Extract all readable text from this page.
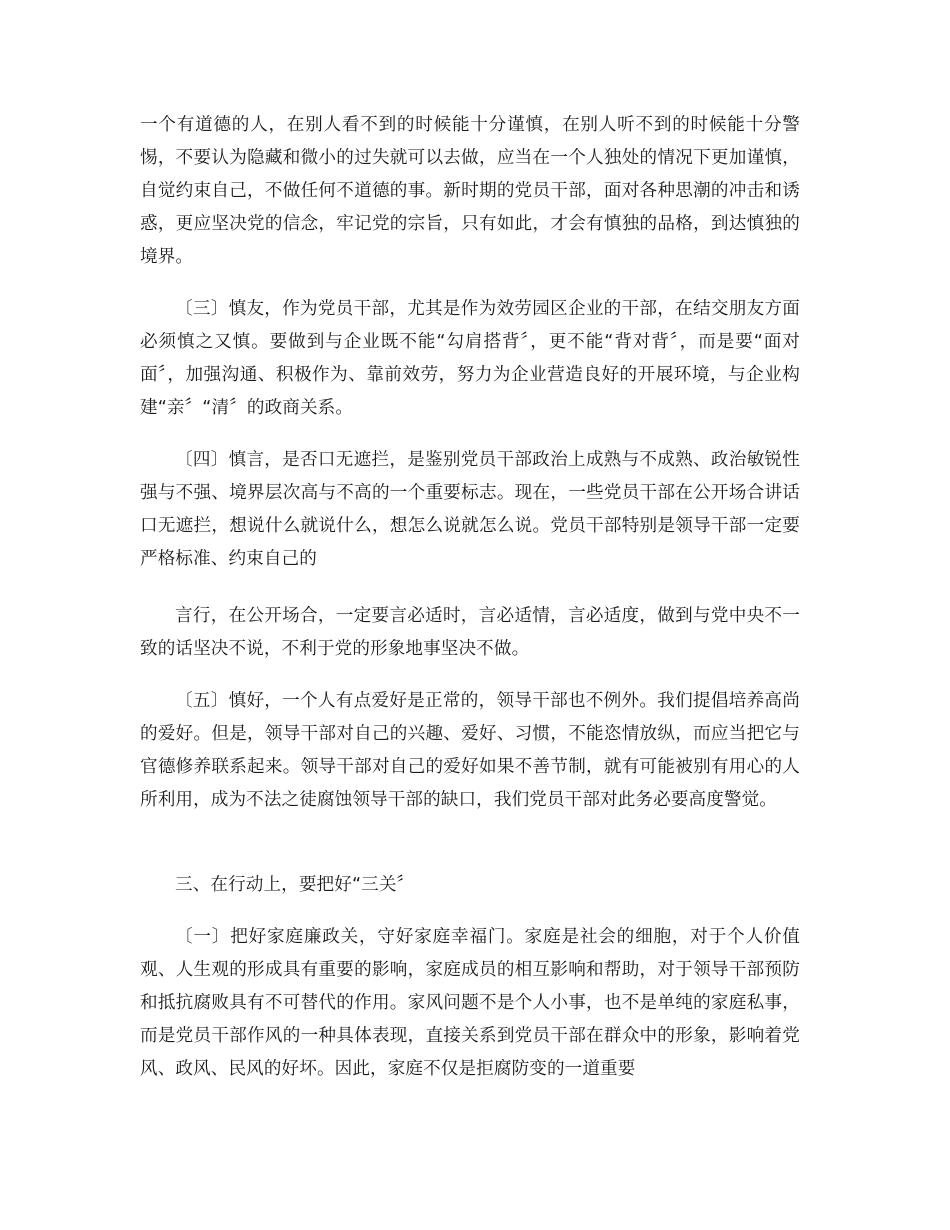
一个有道德的人，在别人看不到的时候能十分谨慎，在别人听不到的时候能十分警惕，不要认为隐藏和微小的过失就可以去做，应当在一个人独处的情况下更加谨慎，自觉约束自己，不做任何不道德的事。新时期的党员干部，面对各种思潮的冲击和诱惑，更应坚决党的信念，牢记党的宗旨，只有如此，才会有慎独的品格，到达慎独的境界。

〔三〕慎友，作为党员干部，尤其是作为效劳园区企业的干部，在结交朋友方面必须慎之又慎。要做到与企业既不能“勾肩搭背〞，更不能“背对背〞，而是要“面对面〞，加强沟通、积极作为、靠前效劳，努力为企业营造良好的开展环境，与企业构建“亲〞“清〞的政商关系。

〔四〕慎言，是否口无遮拦，是鉴别党员干部政治上成熟与不成熟、政治敏锐性强与不强、境界层次高与不高的一个重要标志。现在，一些党员干部在公开场合讲话口无遮拦，想说什么就说什么，想怎么说就怎么说。党员干部特别是领导干部一定要严格标准、约束自己的

言行，在公开场合，一定要言必适时，言必适情，言必适度，做到与党中央不一致的话坚决不说，不利于党的形象地事坚决不做。

〔五〕慎好，一个人有点爱好是正常的，领导干部也不例外。我们提倡培养高尚的爱好。但是，领导干部对自己的兴趣、爱好、习惯，不能恣情放纵，而应当把它与官德修养联系起来。领导干部对自己的爱好如果不善节制，就有可能被别有用心的人所利用，成为不法之徒腐蚀领导干部的缺口，我们党员干部对此务必要高度警觉。

三、在行动上，要把好“三关〞

〔一〕把好家庭廉政关，守好家庭幸福门。家庭是社会的细胞，对于个人价值观、人生观的形成具有重要的影响，家庭成员的相互影响和帮助，对于领导干部预防和抵抗腐败具有不可替代的作用。家风问题不是个人小事，也不是单纯的家庭私事，而是党员干部作风的一种具体表现，直接关系到党员干部在群众中的形象，影响着党风、政风、民风的好坏。因此，家庭不仅是拒腐防变的一道重要
